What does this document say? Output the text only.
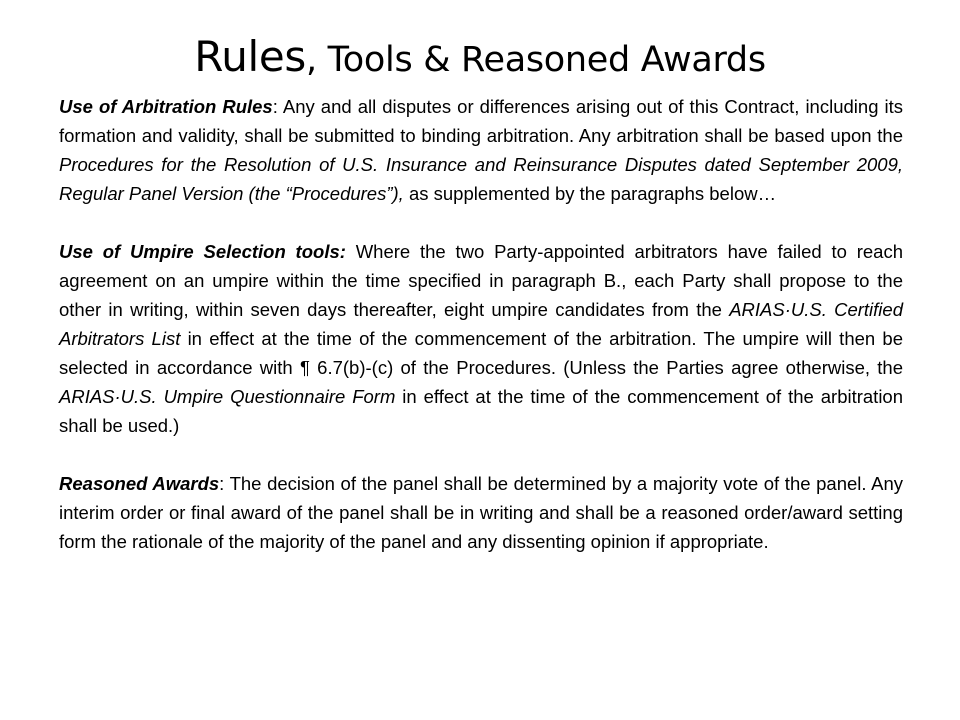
Rules, Tools & Reasoned Awards

Use of Arbitration Rules: Any and all disputes or differences arising out of this Contract, including its formation and validity, shall be submitted to binding arbitration. Any arbitration shall be based upon the Procedures for the Resolution of U.S. Insurance and Reinsurance Disputes dated September 2009, Regular Panel Version (the “Procedures”), as supplemented by the paragraphs below…

Use of Umpire Selection tools: Where the two Party-appointed arbitrators have failed to reach agreement on an umpire within the time specified in paragraph B., each Party shall propose to the other in writing, within seven days thereafter, eight umpire candidates from the ARIAS·U.S. Certified Arbitrators List in effect at the time of the commencement of the arbitration. The umpire will then be selected in accordance with ¶ 6.7(b)-(c) of the Procedures. (Unless the Parties agree otherwise, the ARIAS·U.S. Umpire Questionnaire Form in effect at the time of the commencement of the arbitration shall be used.)

Reasoned Awards: The decision of the panel shall be determined by a majority vote of the panel. Any interim order or final award of the panel shall be in writing and shall be a reasoned order/award setting form the rationale of the majority of the panel and any dissenting opinion if appropriate.
